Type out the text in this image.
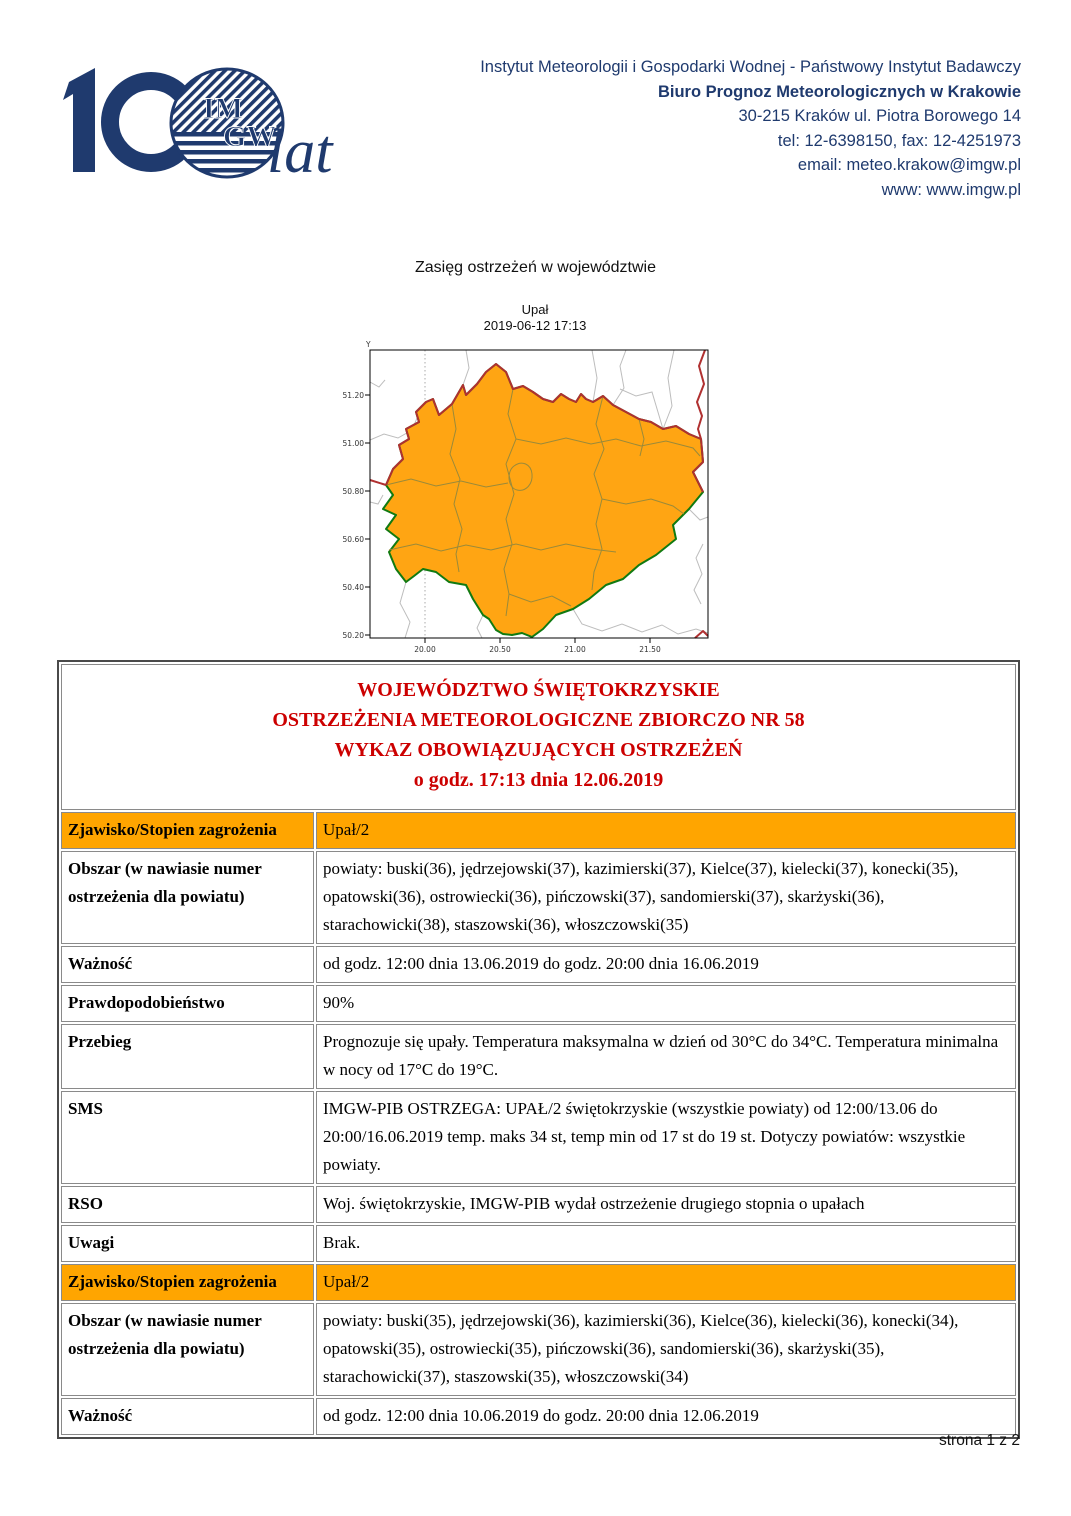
IM
GW
lat
Instytut Meteorologii i Gospodarki Wodnej - Państwowy Instytut Badawczy
Biuro Prognoz Meteorologicznych w Krakowie
30-215 Kraków ul. Piotra Borowego 14
tel: 12-6398150, fax: 12-4251973
email: meteo.krakow@imgw.pl
www: www.imgw.pl
Zasięg ostrzeżeń w województwie
Upał
2019-06-12 17:13
Y
51.20
51.00
50.80
50.60
50.40
50.20
20.00	20.50	21.00	21.50
WOJEWÓDZTWO ŚWIĘTOKRZYSKIE
OSTRZEŻENIA METEOROLOGICZNE ZBIORCZO NR 58
WYKAZ OBOWIĄZUJĄCYCH OSTRZEŻEŃ
o godz. 17:13 dnia 12.06.2019	

Zjawisko/Stopien zagrożenia	Upał/2
Obszar (w nawiasie numer ostrzeżenia dla powiatu)	powiaty: buski(36), jędrzejowski(37), kazimierski(37), Kielce(37), kielecki(37), konecki(35), opatowski(36), ostrowiecki(36), pińczowski(37), sandomierski(37), skarżyski(36), starachowicki(38), staszowski(36), włoszczowski(35)
Ważność	od godz. 12:00 dnia 13.06.2019 do godz. 20:00 dnia 16.06.2019
Prawdopodobieństwo	90%
Przebieg	Prognozuje się upały. Temperatura maksymalna w dzień od 30°C do 34°C. Temperatura minimalna w nocy od 17°C do 19°C.
SMS	IMGW-PIB OSTRZEGA: UPAŁ/2 świętokrzyskie (wszystkie powiaty) od 12:00/13.06 do 20:00/16.06.2019 temp. maks 34 st, temp min od 17 st do 19 st. Dotyczy powiatów: wszystkie powiaty.
RSO	Woj. świętokrzyskie, IMGW-PIB wydał ostrzeżenie drugiego stopnia o upałach
Uwagi	Brak.
Zjawisko/Stopien zagrożenia	Upał/2
Obszar (w nawiasie numer ostrzeżenia dla powiatu)	powiaty: buski(35), jędrzejowski(36), kazimierski(36), Kielce(36), kielecki(36), konecki(34), opatowski(35), ostrowiecki(35), pińczowski(36), sandomierski(36), skarżyski(35), starachowicki(37), staszowski(35), włoszczowski(34)
Ważność	od godz. 12:00 dnia 10.06.2019 do godz. 20:00 dnia 12.06.2019
strona 1 z 2
